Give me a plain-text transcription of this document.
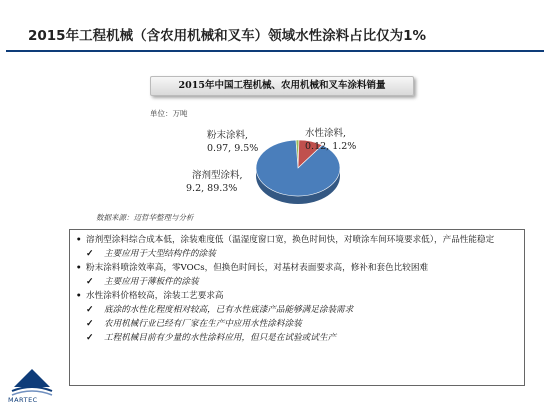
2015年工程机械（含农用机械和叉车）领域水性涂料占比仅为1%
2015年中国工程机械、农用机械和叉车涂料销量
单位：万吨
溶剂型涂料,
9.2, 89.3%
粉末涂料,
0.97, 9.5%
水性涂料,
0.12, 1.2%
数据来源：迈哲华整理与分析
• 溶剂型涂料综合成本低，涂装难度低（温湿度窗口宽，换色时间快，对喷涂车间环境要求低），产品性能稳定
✓ 主要应用于大型结构件的涂装
• 粉末涂料喷涂效率高，零VOCs，但换色时间长，对基材表面要求高，修补和套色比较困难
✓ 主要应用于薄板件的涂装
• 水性涂料价格较高，涂装工艺要求高
✓ 底涂的水性化程度相对较高，已有水性底漆产品能够满足涂装需求
✓ 农用机械行业已经有厂家在生产中应用水性涂料涂装
✓ 工程机械目前有少量的水性涂料应用，但只是在试验或试生产
MARTEC
